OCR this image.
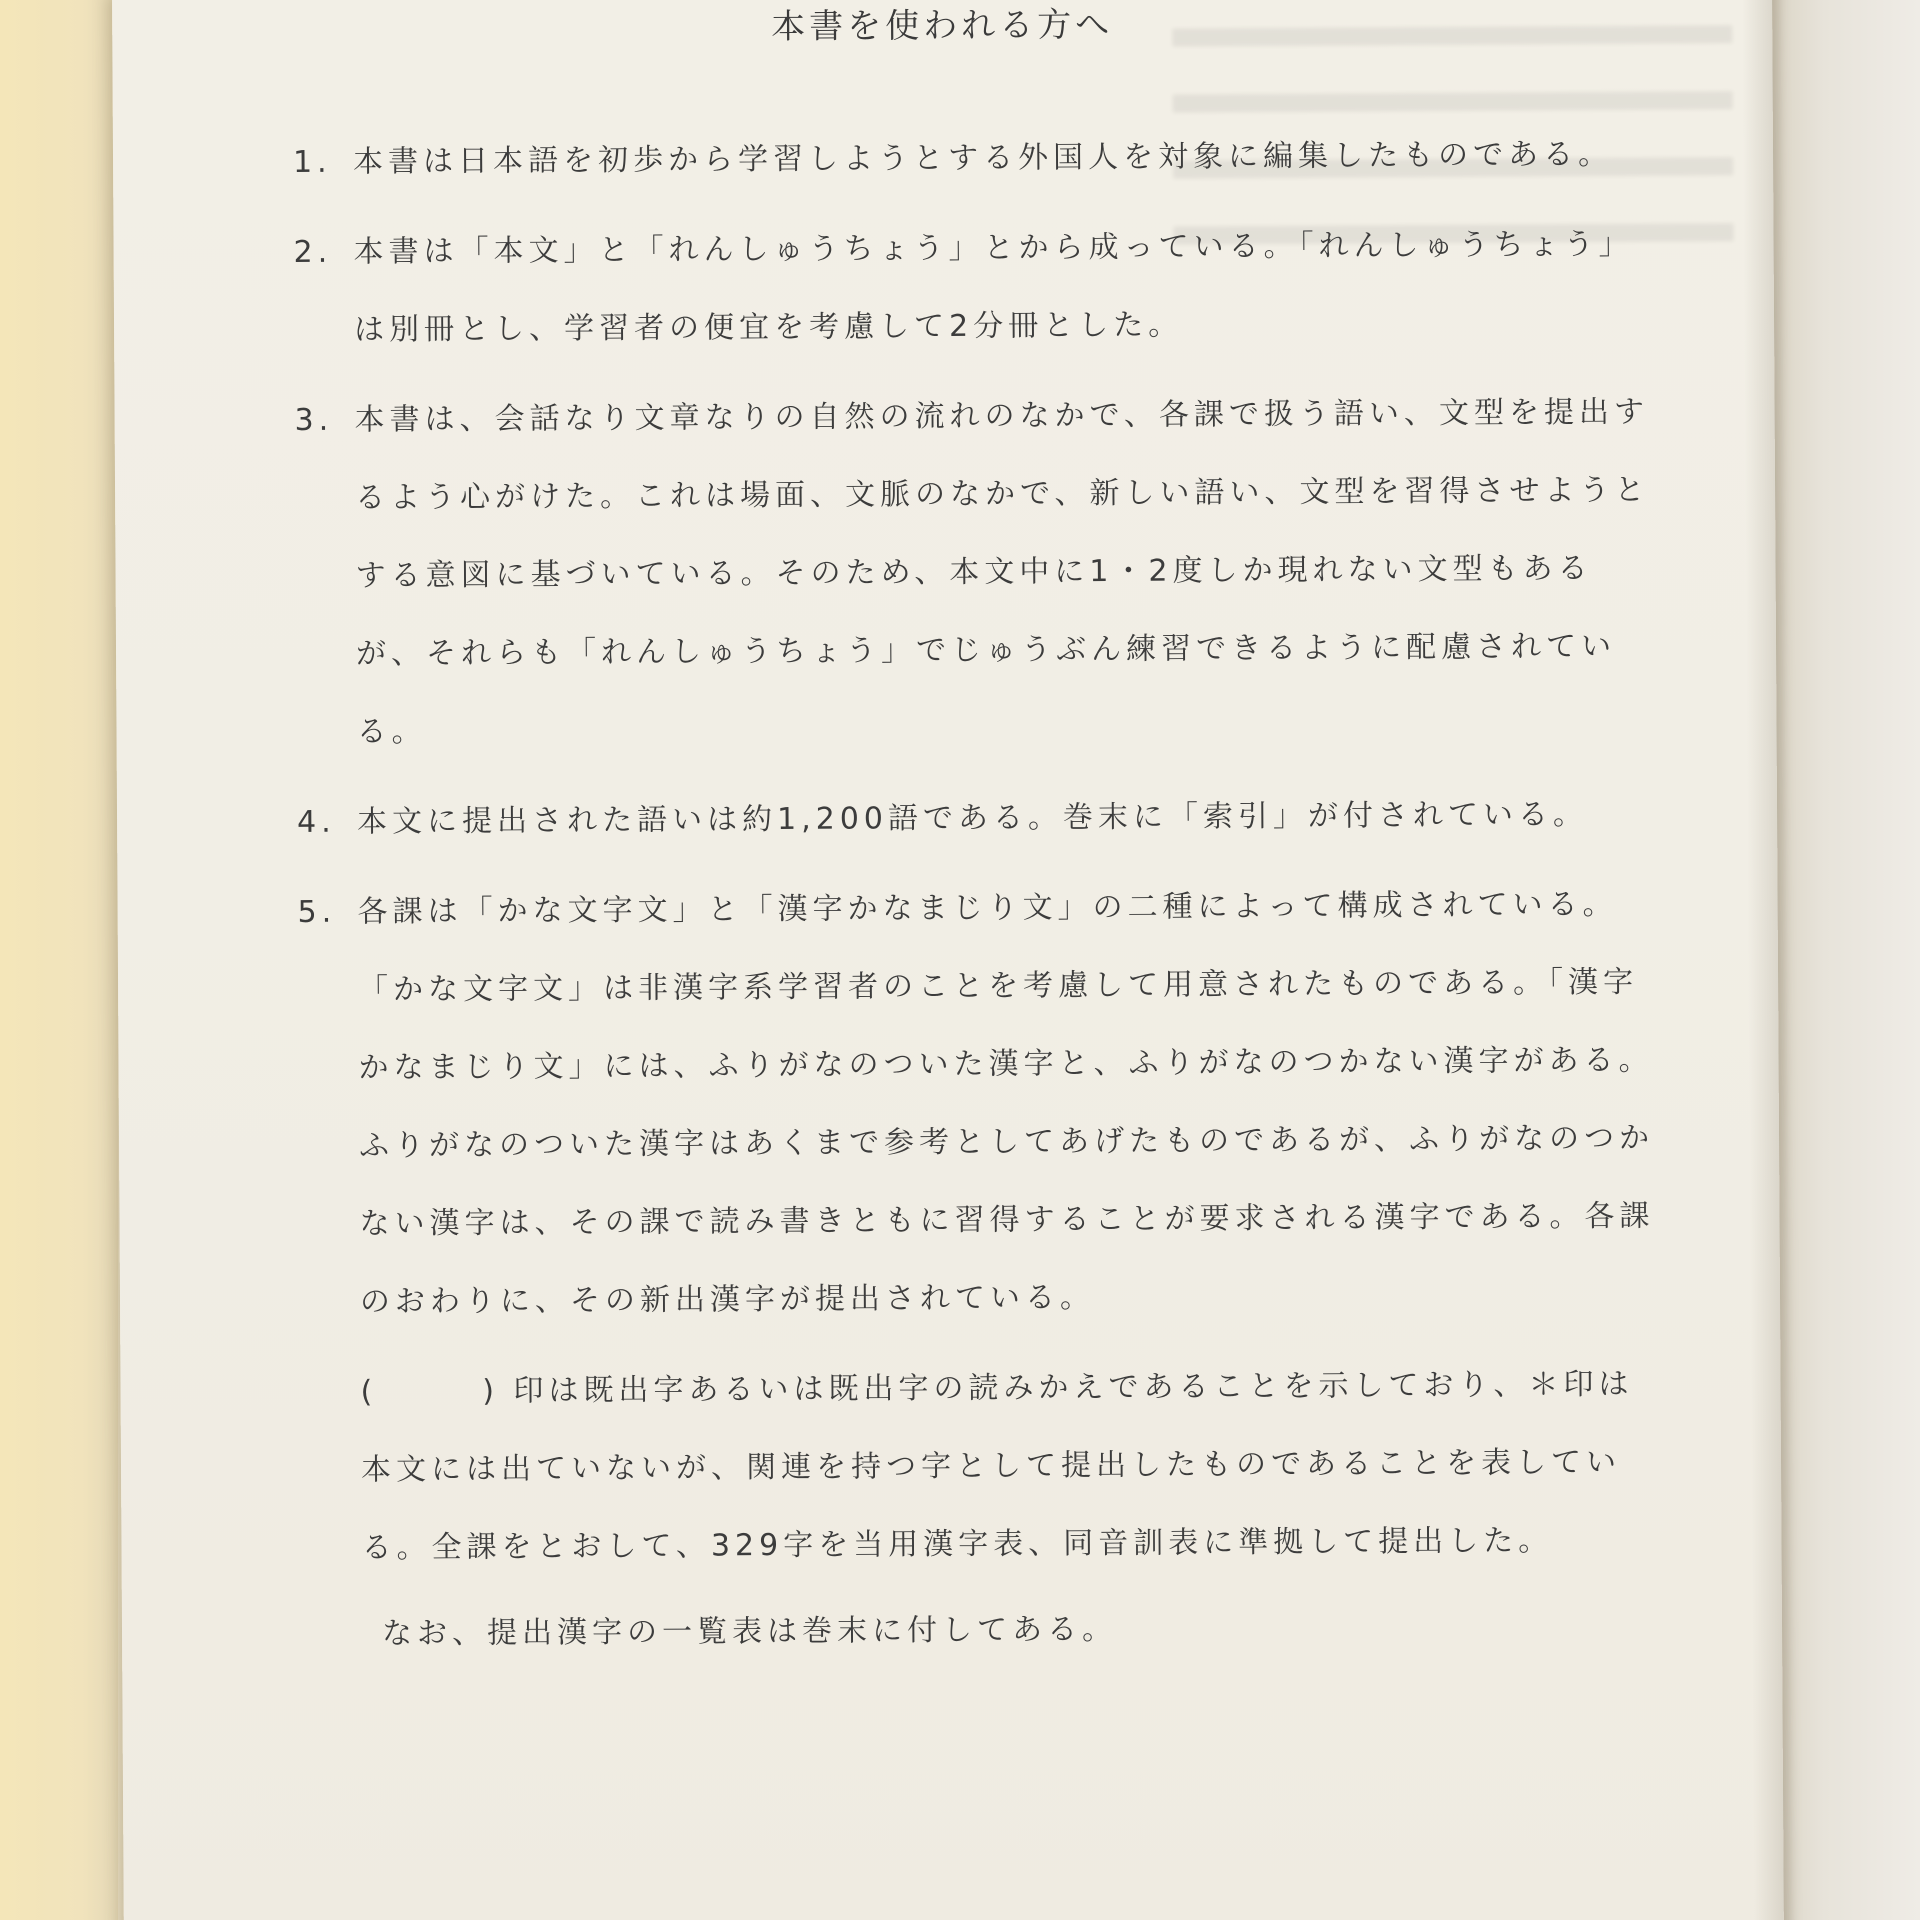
本書を使われる方へ
1. 本書は日本語を初歩から学習しようとする外国人を対象に編集したものである。

2. 本書は「本文」と「れんしゅうちょう」とから成っている。「れんしゅうちょう」は別冊とし、学習者の便宜を考慮して2分冊とした。

3. 本書は、会話なり文章なりの自然の流れのなかで、各課で扱う語い、文型を提出するよう心がけた。これは場面、文脈のなかで、新しい語い、文型を習得させようとする意図に基づいている。そのため、本文中に1・2度しか現れない文型もあるが、それらも「れんしゅうちょう」でじゅうぶん練習できるように配慮されている。

4. 本文に提出された語いは約1,200語である。巻末に「索引」が付されている。

5. 各課は「かな文字文」と「漢字かなまじり文」の二種によって構成されている。「かな文字文」は非漢字系学習者のことを考慮して用意されたものである。「漢字かなまじり文」には、ふりがなのついた漢字と、ふりがなのつかない漢字がある。ふりがなのついた漢字はあくまで参考としてあげたものであるが、ふりがなのつかない漢字は、その課で読み書きともに習得することが要求される漢字である。各課のおわりに、その新出漢字が提出されている。

(　　　) 印は既出字あるいは既出字の読みかえであることを示しており、＊印は本文には出ていないが、関連を持つ字として提出したものであることを表している。全課をとおして、329字を当用漢字表、同音訓表に準拠して提出した。

なお、提出漢字の一覧表は巻末に付してある。
